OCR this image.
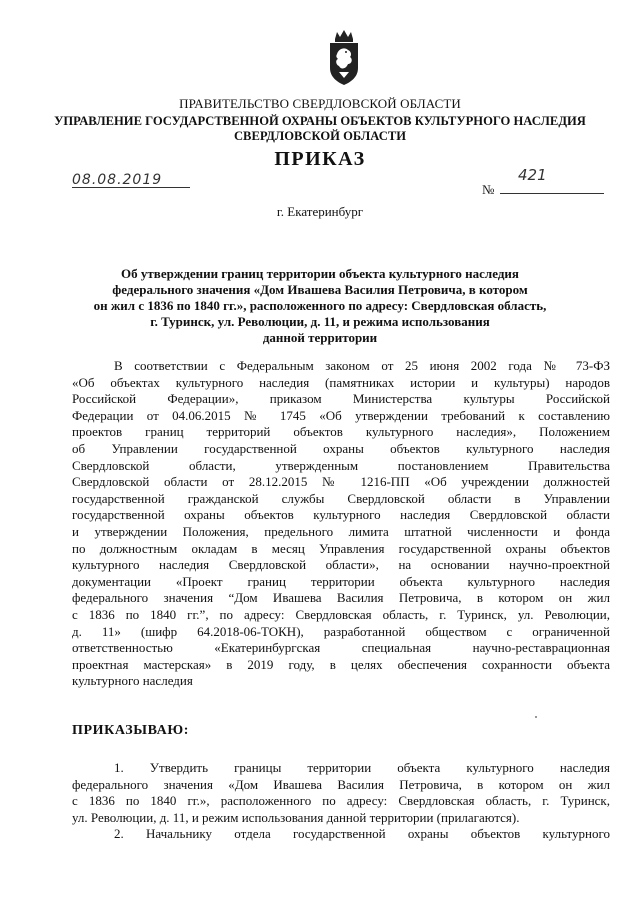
ПРАВИТЕЛЬСТВО СВЕРДЛОВСКОЙ ОБЛАСТИ
УПРАВЛЕНИЕ ГОСУДАРСТВЕННОЙ ОХРАНЫ ОБЪЕКТОВ КУЛЬТУРНОГО НАСЛЕДИЯ
СВЕРДЛОВСКОЙ ОБЛАСТИ
ПРИКАЗ
08.08.2019
№
421
г. Екатеринбург
Об утверждении границ территории объекта культурного наследия
федерального значения «Дом Ивашева Василия Петровича, в котором
он жил с 1836 по 1840 гг.», расположенного по адресу: Свердловская область,
г. Туринск, ул. Революции, д. 11, и режима использования
данной территории
В соответствии с Федеральным законом от 25 июня 2002 года № 73-ФЗ
«Об объектах культурного наследия (памятниках истории и культуры) народов
Российской Федерации», приказом Министерства культуры Российской
Федерации от 04.06.2015 № 1745 «Об утверждении требований к составлению
проектов границ территорий объектов культурного наследия», Положением
об Управлении государственной охраны объектов культурного наследия
Свердловской области, утвержденным постановлением Правительства
Свердловской области от 28.12.2015 № 1216-ПП «Об учреждении должностей
государственной гражданской службы Свердловской области в Управлении
государственной охраны объектов культурного наследия Свердловской области
и утверждении Положения, предельного лимита штатной численности и фонда
по должностным окладам в месяц Управления государственной охраны объектов
культурного наследия Свердловской области», на основании научно-проектной
документации «Проект границ территории объекта культурного наследия
федерального значения “Дом Ивашева Василия Петровича, в котором он жил
с 1836 по 1840 гг.”, по адресу: Свердловская область, г. Туринск, ул. Революции,
д. 11» (шифр 64.2018-06-ТОКН), разработанной обществом с ограниченной
ответственностью «Екатеринбургская специальная научно-реставрационная
проектная мастерская» в 2019 году, в целях обеспечения сохранности объекта
культурного наследия
ПРИКАЗЫВАЮ:
1. Утвердить границы территории объекта культурного наследия
федерального значения «Дом Ивашева Василия Петровича, в котором он жил
с 1836 по 1840 гг.», расположенного по адресу: Свердловская область, г. Туринск,
ул. Революции, д. 11, и режим использования данной территории (прилагаются).
2. Начальнику отдела государственной охраны объектов культурного
